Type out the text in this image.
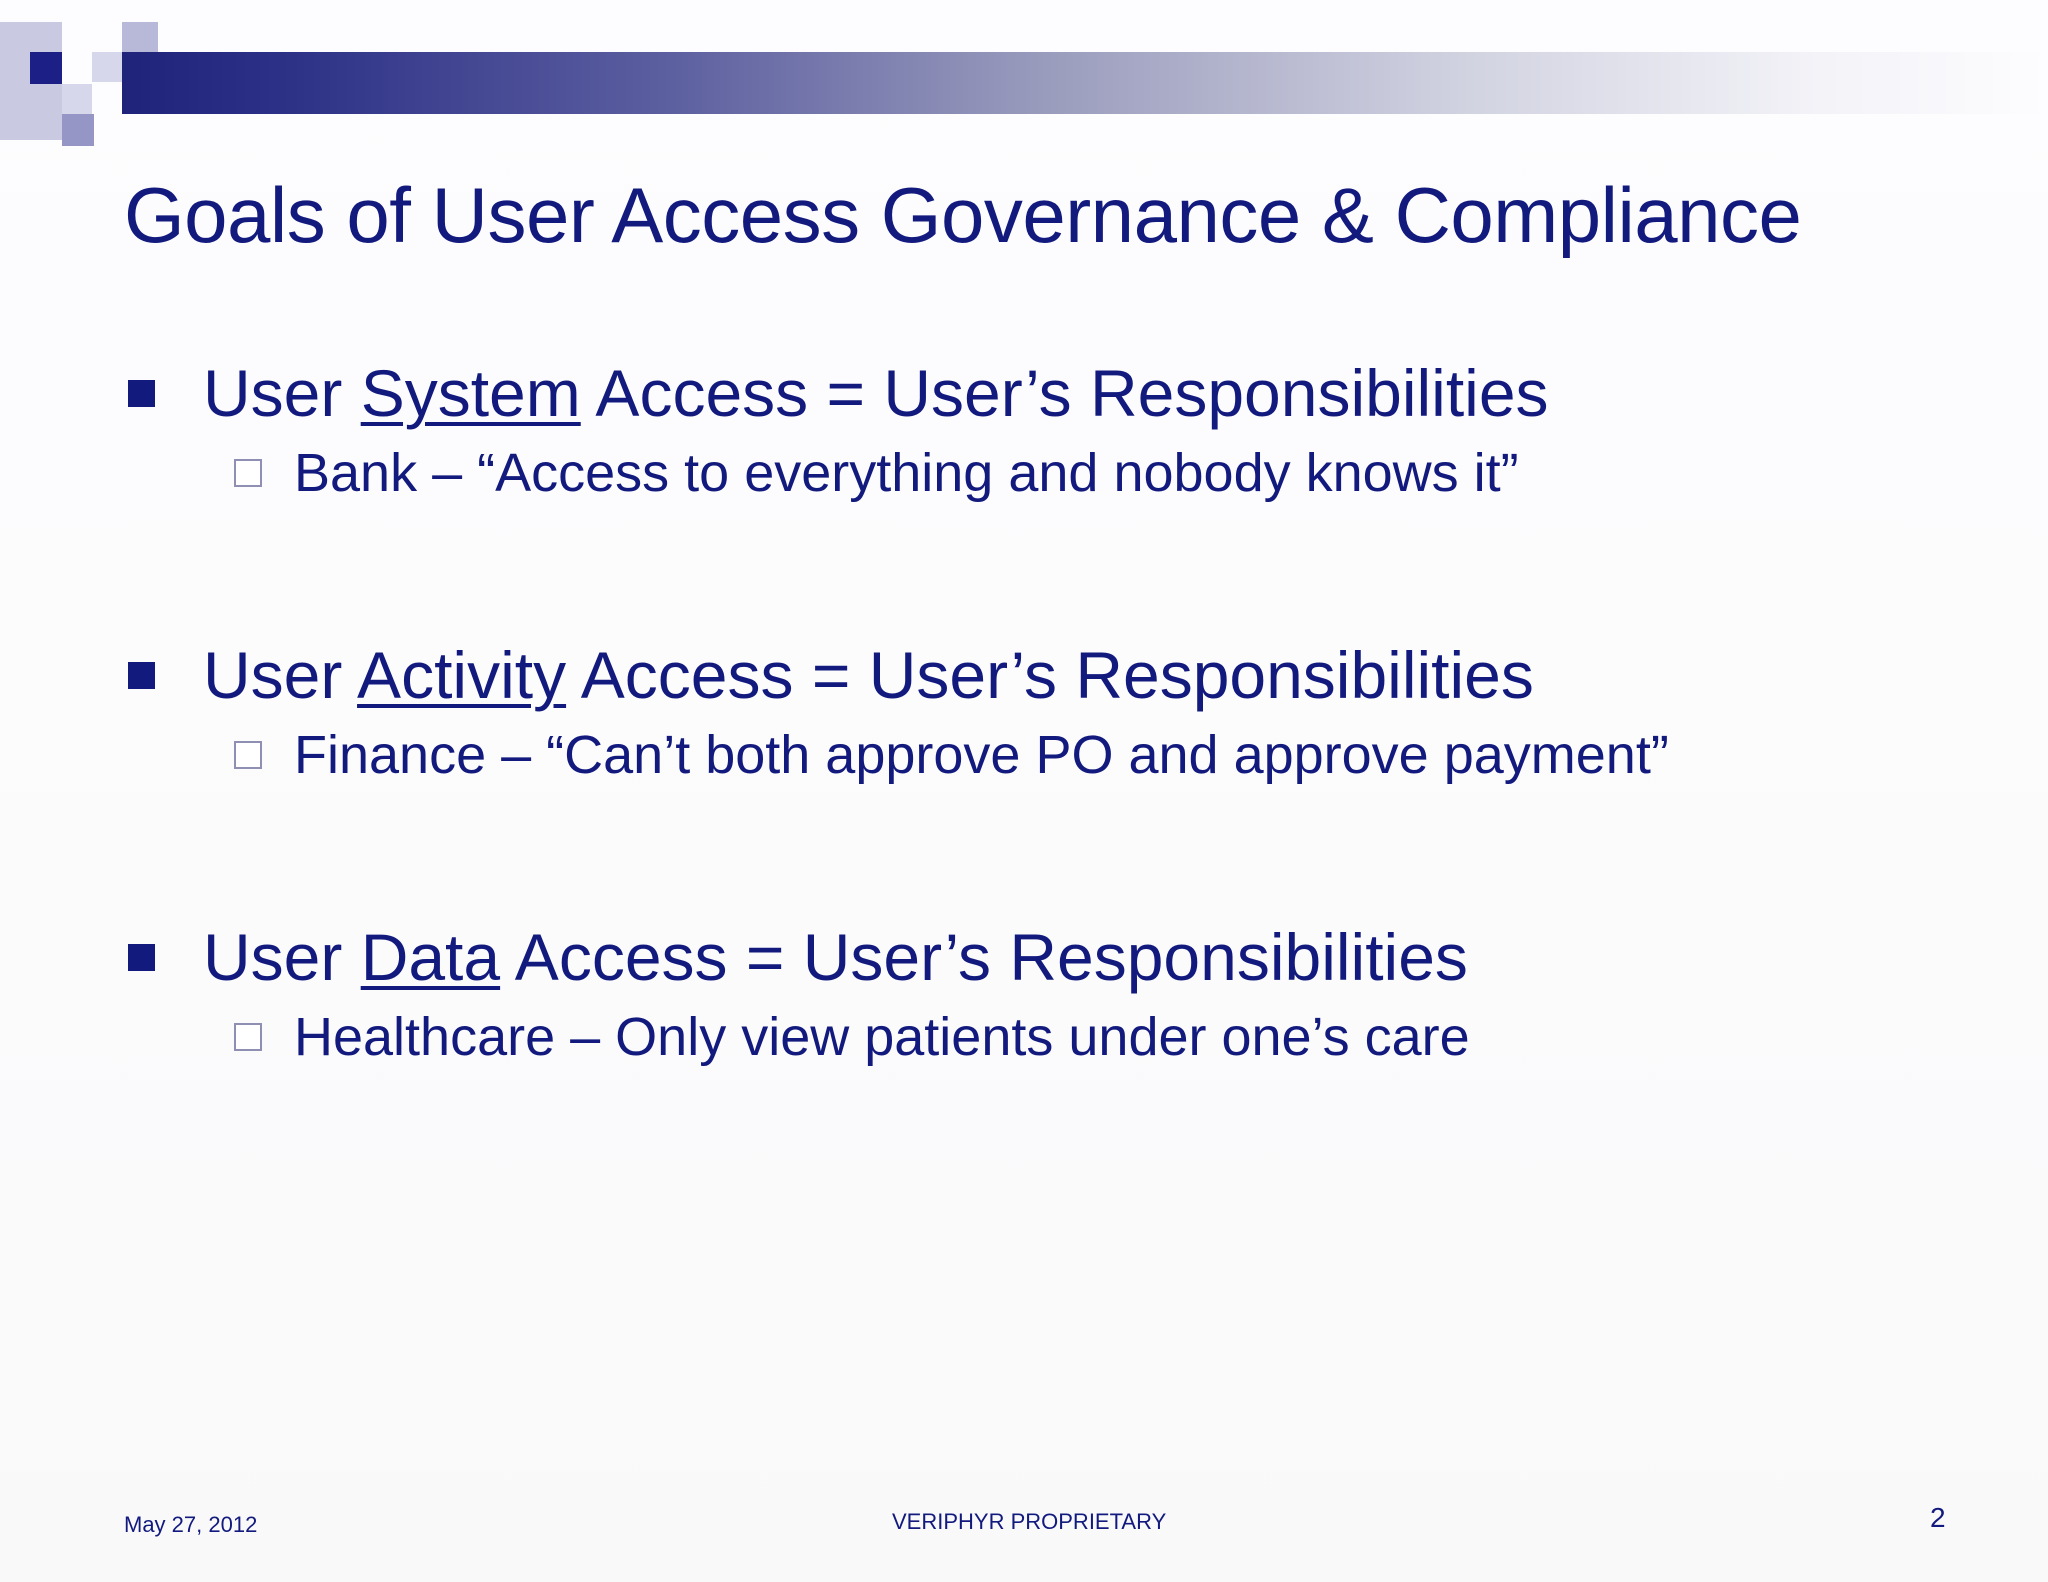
Goals of User Access Governance & Compliance
User System Access = User’s Responsibilities
Bank – “Access to everything and nobody knows it”
User Activity Access = User’s Responsibilities
Finance – “Can’t both approve PO and approve payment”
User Data Access = User’s Responsibilities
Healthcare – Only view patients under one’s care
May 27, 2012	VERIPHYR PROPRIETARY	2
